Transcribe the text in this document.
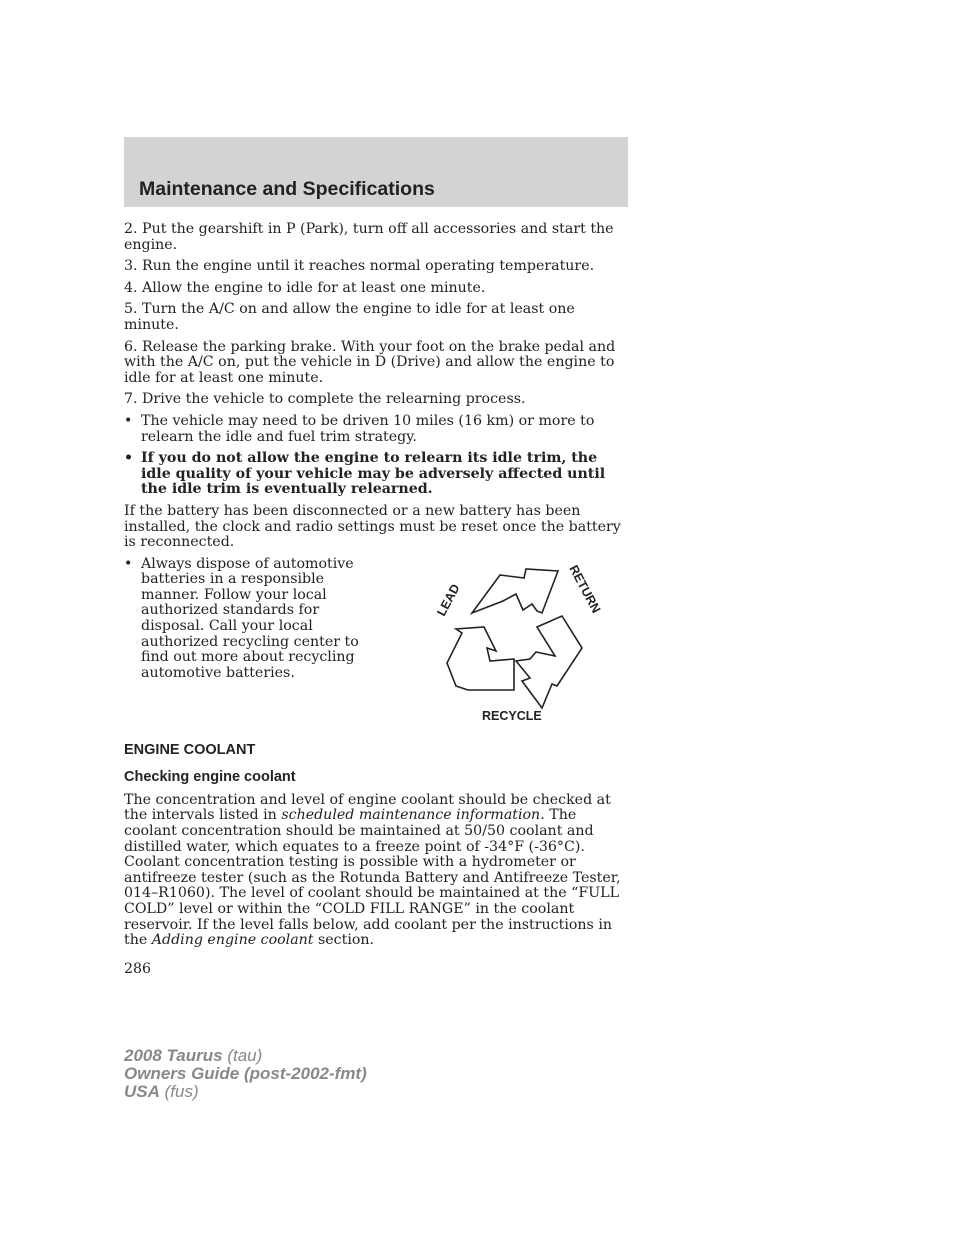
Maintenance and Specifications

2. Put the gearshift in P (Park), turn off all accessories and start the engine.

3. Run the engine until it reaches normal operating temperature.

4. Allow the engine to idle for at least one minute.

5. Turn the A/C on and allow the engine to idle for at least one minute.

6. Release the parking brake. With your foot on the brake pedal and with the A/C on, put the vehicle in D (Drive) and allow the engine to idle for at least one minute.

7. Drive the vehicle to complete the relearning process.

• The vehicle may need to be driven 10 miles (16 km) or more to relearn the idle and fuel trim strategy.
• If you do not allow the engine to relearn its idle trim, the idle quality of your vehicle may be adversely affected until the idle trim is eventually relearned.

If the battery has been disconnected or a new battery has been installed, the clock and radio settings must be reset once the battery is reconnected.

• Always dispose of automotive batteries in a responsible manner. Follow your local authorized standards for disposal. Call your local authorized recycling center to find out more about recycling automotive batteries.
LEAD	RETURN
RECYCLE
ENGINE COOLANT
Checking engine coolant

The concentration and level of engine coolant should be checked at the intervals listed in scheduled maintenance information. The coolant concentration should be maintained at 50/50 coolant and distilled water, which equates to a freeze point of -34°F (-36°C). Coolant concentration testing is possible with a hydrometer or antifreeze tester (such as the Rotunda Battery and Antifreeze Tester, 014–R1060). The level of coolant should be maintained at the “FULL COLD” level or within the “COLD FILL RANGE” in the coolant reservoir. If the level falls below, add coolant per the instructions in the Adding engine coolant section.

286
2008 Taurus (tau)
Owners Guide (post-2002-fmt)
USA (fus)
